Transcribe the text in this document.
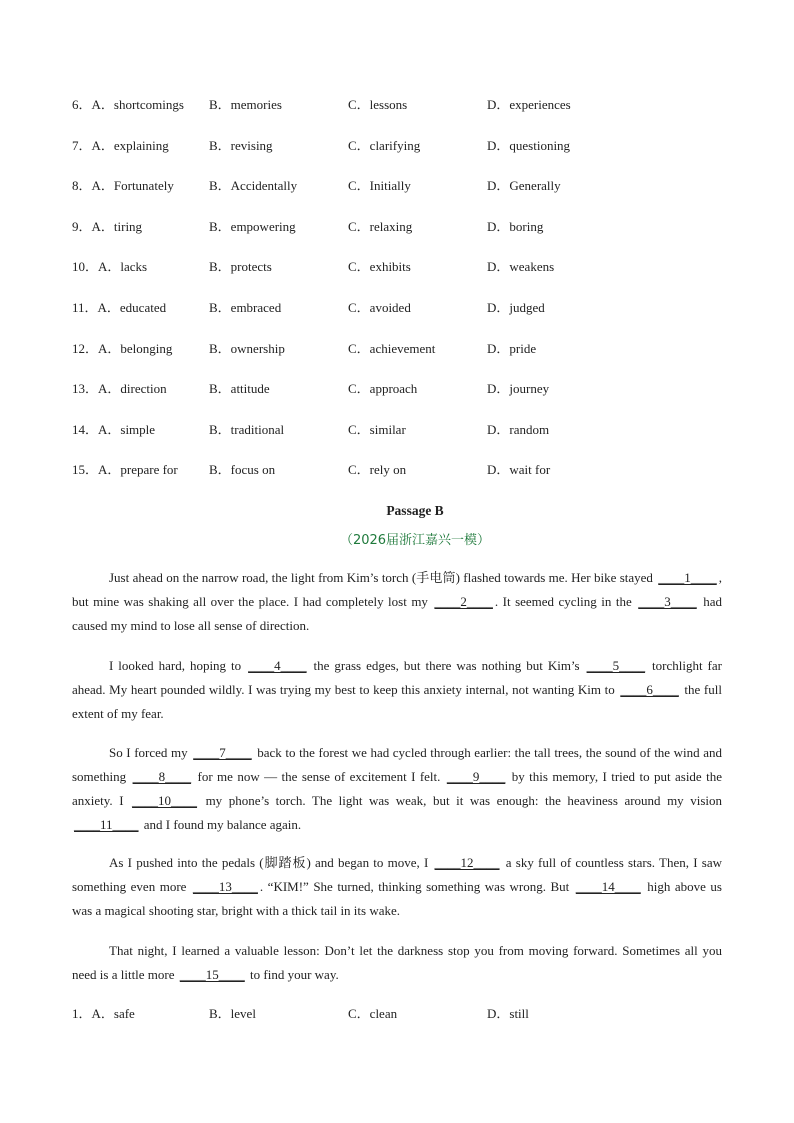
6．A．shortcomings B．memories	C．lessons	D．experiences
7．A．explaining	B．revising	C．clarifying	D．questioning
8．A．Fortunately	B．Accidentally	C．Initially	D．Generally
9．A．tiring	B．empowering	C．relaxing	D．boring
10．A．lacks	B．protects	C．exhibits	D．weakens
11．A．educated	B．embraced	C．avoided	D．judged
12．A．belonging	B．ownership	C．achievement	D．pride
13．A．direction	B．attitude	C．approach	D．journey
14．A．simple	B．traditional	C．similar	D．random
15．A．prepare for B．focus on	C．rely on	D．wait for
Passage B
（2026届浙江嘉兴一模）
Just ahead on the narrow road, the light from Kim’s torch (手电筒) flashed towards me. Her bike stayed ____1____ , but mine was shaking all over the place. I had completely lost my ____2____ . It seemed cycling in the ____3____ had caused my mind to lose all sense of direction.
I looked hard, hoping to ____4____ the grass edges, but there was nothing but Kim’s ____5____ torchlight far ahead. My heart pounded wildly. I was trying my best to keep this anxiety internal, not wanting Kim to ____6____ the full extent of my fear.
So I forced my ____7____ back to the forest we had cycled through earlier: the tall trees, the sound of the wind and something ____8____ for me now — the sense of excitement I felt. ____9____ by this memory, I tried to put aside the anxiety. I ____10____ my phone’s torch. The light was weak, but it was enough: the heaviness around my vision ____11____ and I found my balance again.
As I pushed into the pedals (脚踏板) and began to move, I ____12____ a sky full of countless stars. Then, I saw something even more ____13____ . “KIM!” She turned, thinking something was wrong. But ____14____ high above us was a magical shooting star, bright with a thick tail in its wake.
That night, I learned a valuable lesson: Don’t let the darkness stop you from moving forward. Sometimes all you need is a little more ____15____ to find your way.
1．A．safe	B．level	C．clean	D．still
